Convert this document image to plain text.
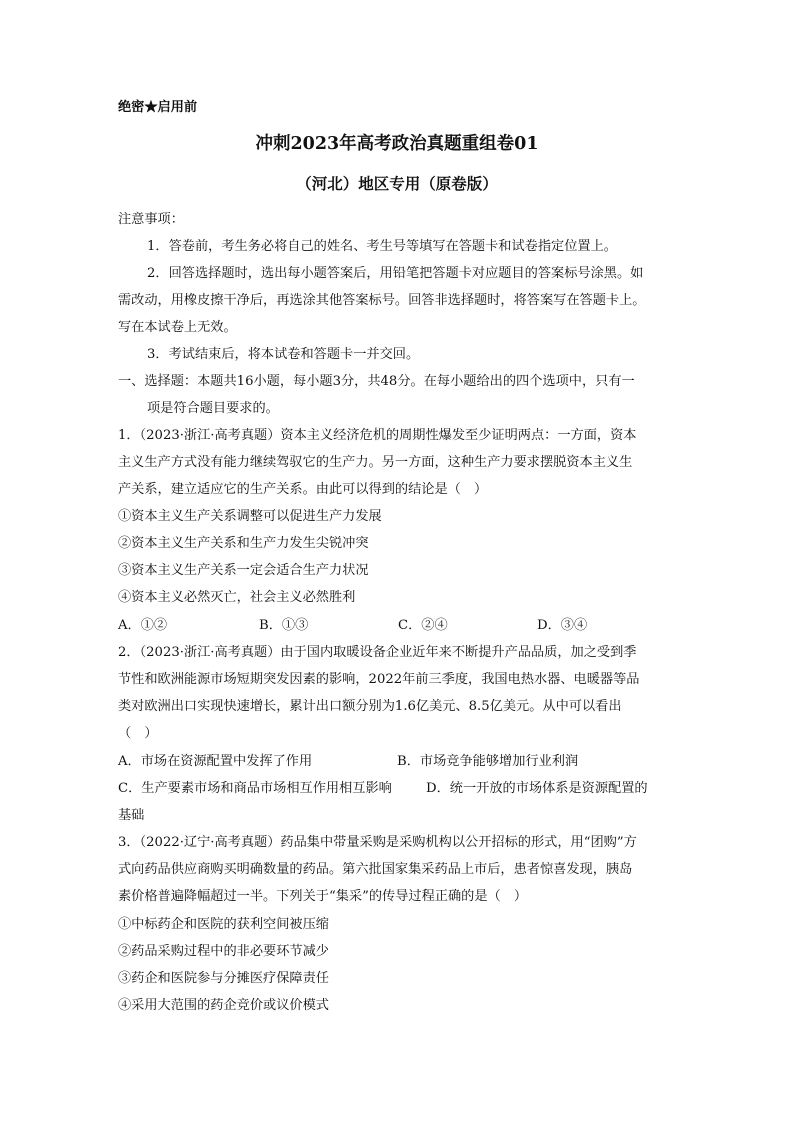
绝密★启用前
冲刺2023年高考政治真题重组卷01
（河北）地区专用（原卷版）
注意事项：
1．答卷前，考生务必将自己的姓名、考生号等填写在答题卡和试卷指定位置上。
2．回答选择题时，选出每小题答案后，用铅笔把答题卡对应题目的答案标号涂黑。如
需改动，用橡皮擦干净后，再选涂其他答案标号。回答非选择题时，将答案写在答题卡上。
写在本试卷上无效。
3．考试结束后，将本试卷和答题卡一并交回。
一、选择题：本题共16小题，每小题3分，共48分。在每小题给出的四个选项中，只有一
项是符合题目要求的。
1．（2023·浙江·高考真题）资本主义经济危机的周期性爆发至少证明两点：一方面，资本
主义生产方式没有能力继续驾驭它的生产力。另一方面，这种生产力要求摆脱资本主义生
产关系，建立适应它的生产关系。由此可以得到的结论是（　）
①资本主义生产关系调整可以促进生产力发展
②资本主义生产关系和生产力发生尖锐冲突
③资本主义生产关系一定会适合生产力状况
④资本主义必然灭亡，社会主义必然胜利
A．①②	B．①③	C．②④	D．③④
2．（2023·浙江·高考真题）由于国内取暖设备企业近年来不断提升产品品质，加之受到季
节性和欧洲能源市场短期突发因素的影响，2022年前三季度，我国电热水器、电暖器等品
类对欧洲出口实现快速增长，累计出口额分别为1.6亿美元、8.5亿美元。从中可以看出
（　）
A．市场在资源配置中发挥了作用	B．市场竞争能够增加行业利润
C．生产要素市场和商品市场相互作用相互影响	D．统一开放的市场体系是资源配置的
基础
3．（2022·辽宁·高考真题）药品集中带量采购是采购机构以公开招标的形式，用“团购”方
式向药品供应商购买明确数量的药品。第六批国家集采药品上市后，患者惊喜发现，胰岛
素价格普遍降幅超过一半。下列关于“集采”的传导过程正确的是（　）
①中标药企和医院的获利空间被压缩
②药品采购过程中的非必要环节减少
③药企和医院参与分摊医疗保障责任
④采用大范围的药企竞价或议价模式
